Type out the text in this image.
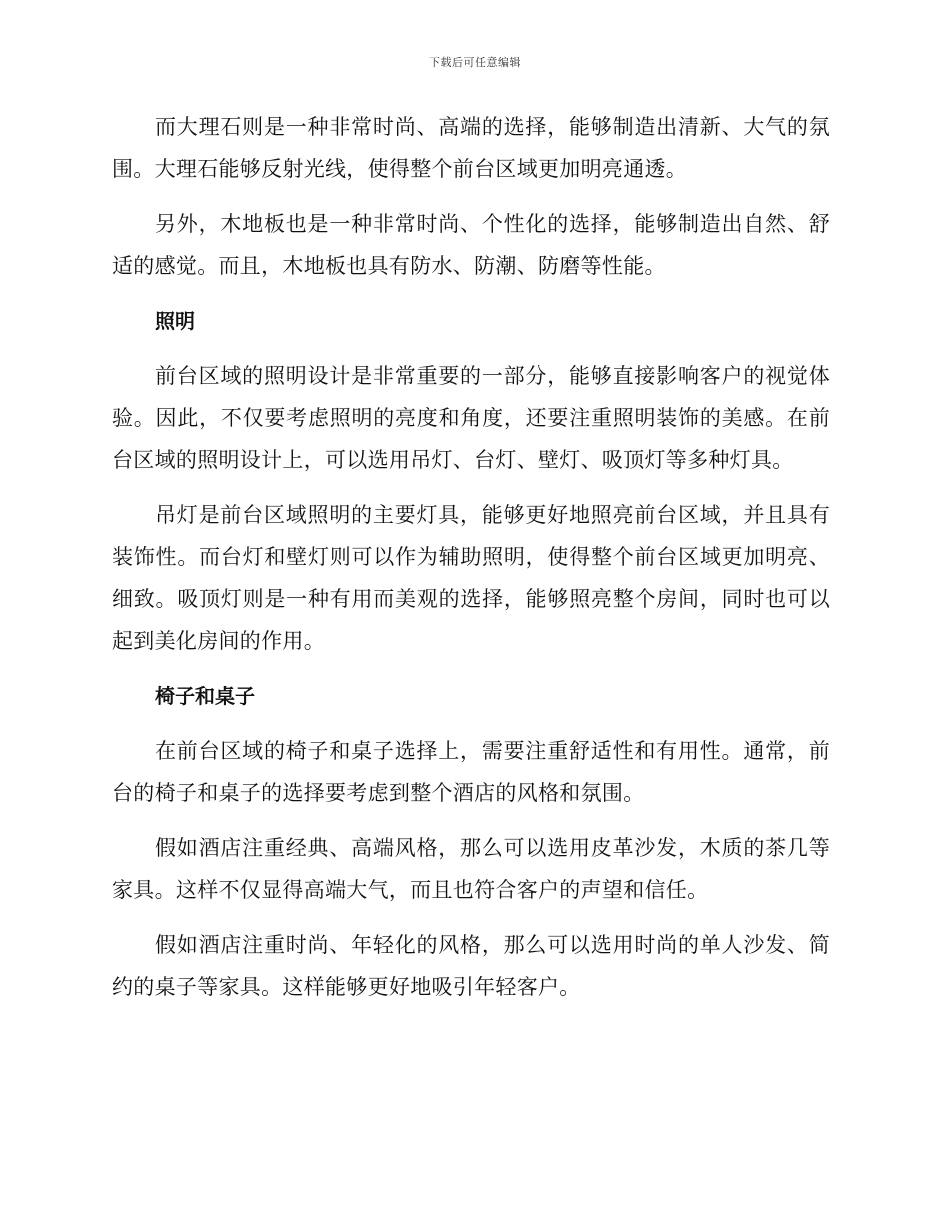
下载后可任意编辑

而大理石则是一种非常时尚、高端的选择，能够制造出清新、大气的氛围。大理石能够反射光线，使得整个前台区域更加明亮通透。

另外，木地板也是一种非常时尚、个性化的选择，能够制造出自然、舒适的感觉。而且，木地板也具有防水、防潮、防磨等性能。

照明

前台区域的照明设计是非常重要的一部分，能够直接影响客户的视觉体验。因此，不仅要考虑照明的亮度和角度，还要注重照明装饰的美感。在前台区域的照明设计上，可以选用吊灯、台灯、壁灯、吸顶灯等多种灯具。

吊灯是前台区域照明的主要灯具，能够更好地照亮前台区域，并且具有装饰性。而台灯和壁灯则可以作为辅助照明，使得整个前台区域更加明亮、细致。吸顶灯则是一种有用而美观的选择，能够照亮整个房间，同时也可以起到美化房间的作用。

椅子和桌子

在前台区域的椅子和桌子选择上，需要注重舒适性和有用性。通常，前台的椅子和桌子的选择要考虑到整个酒店的风格和氛围。

假如酒店注重经典、高端风格，那么可以选用皮革沙发，木质的茶几等家具。这样不仅显得高端大气，而且也符合客户的声望和信任。

假如酒店注重时尚、年轻化的风格，那么可以选用时尚的单人沙发、简约的桌子等家具。这样能够更好地吸引年轻客户。
